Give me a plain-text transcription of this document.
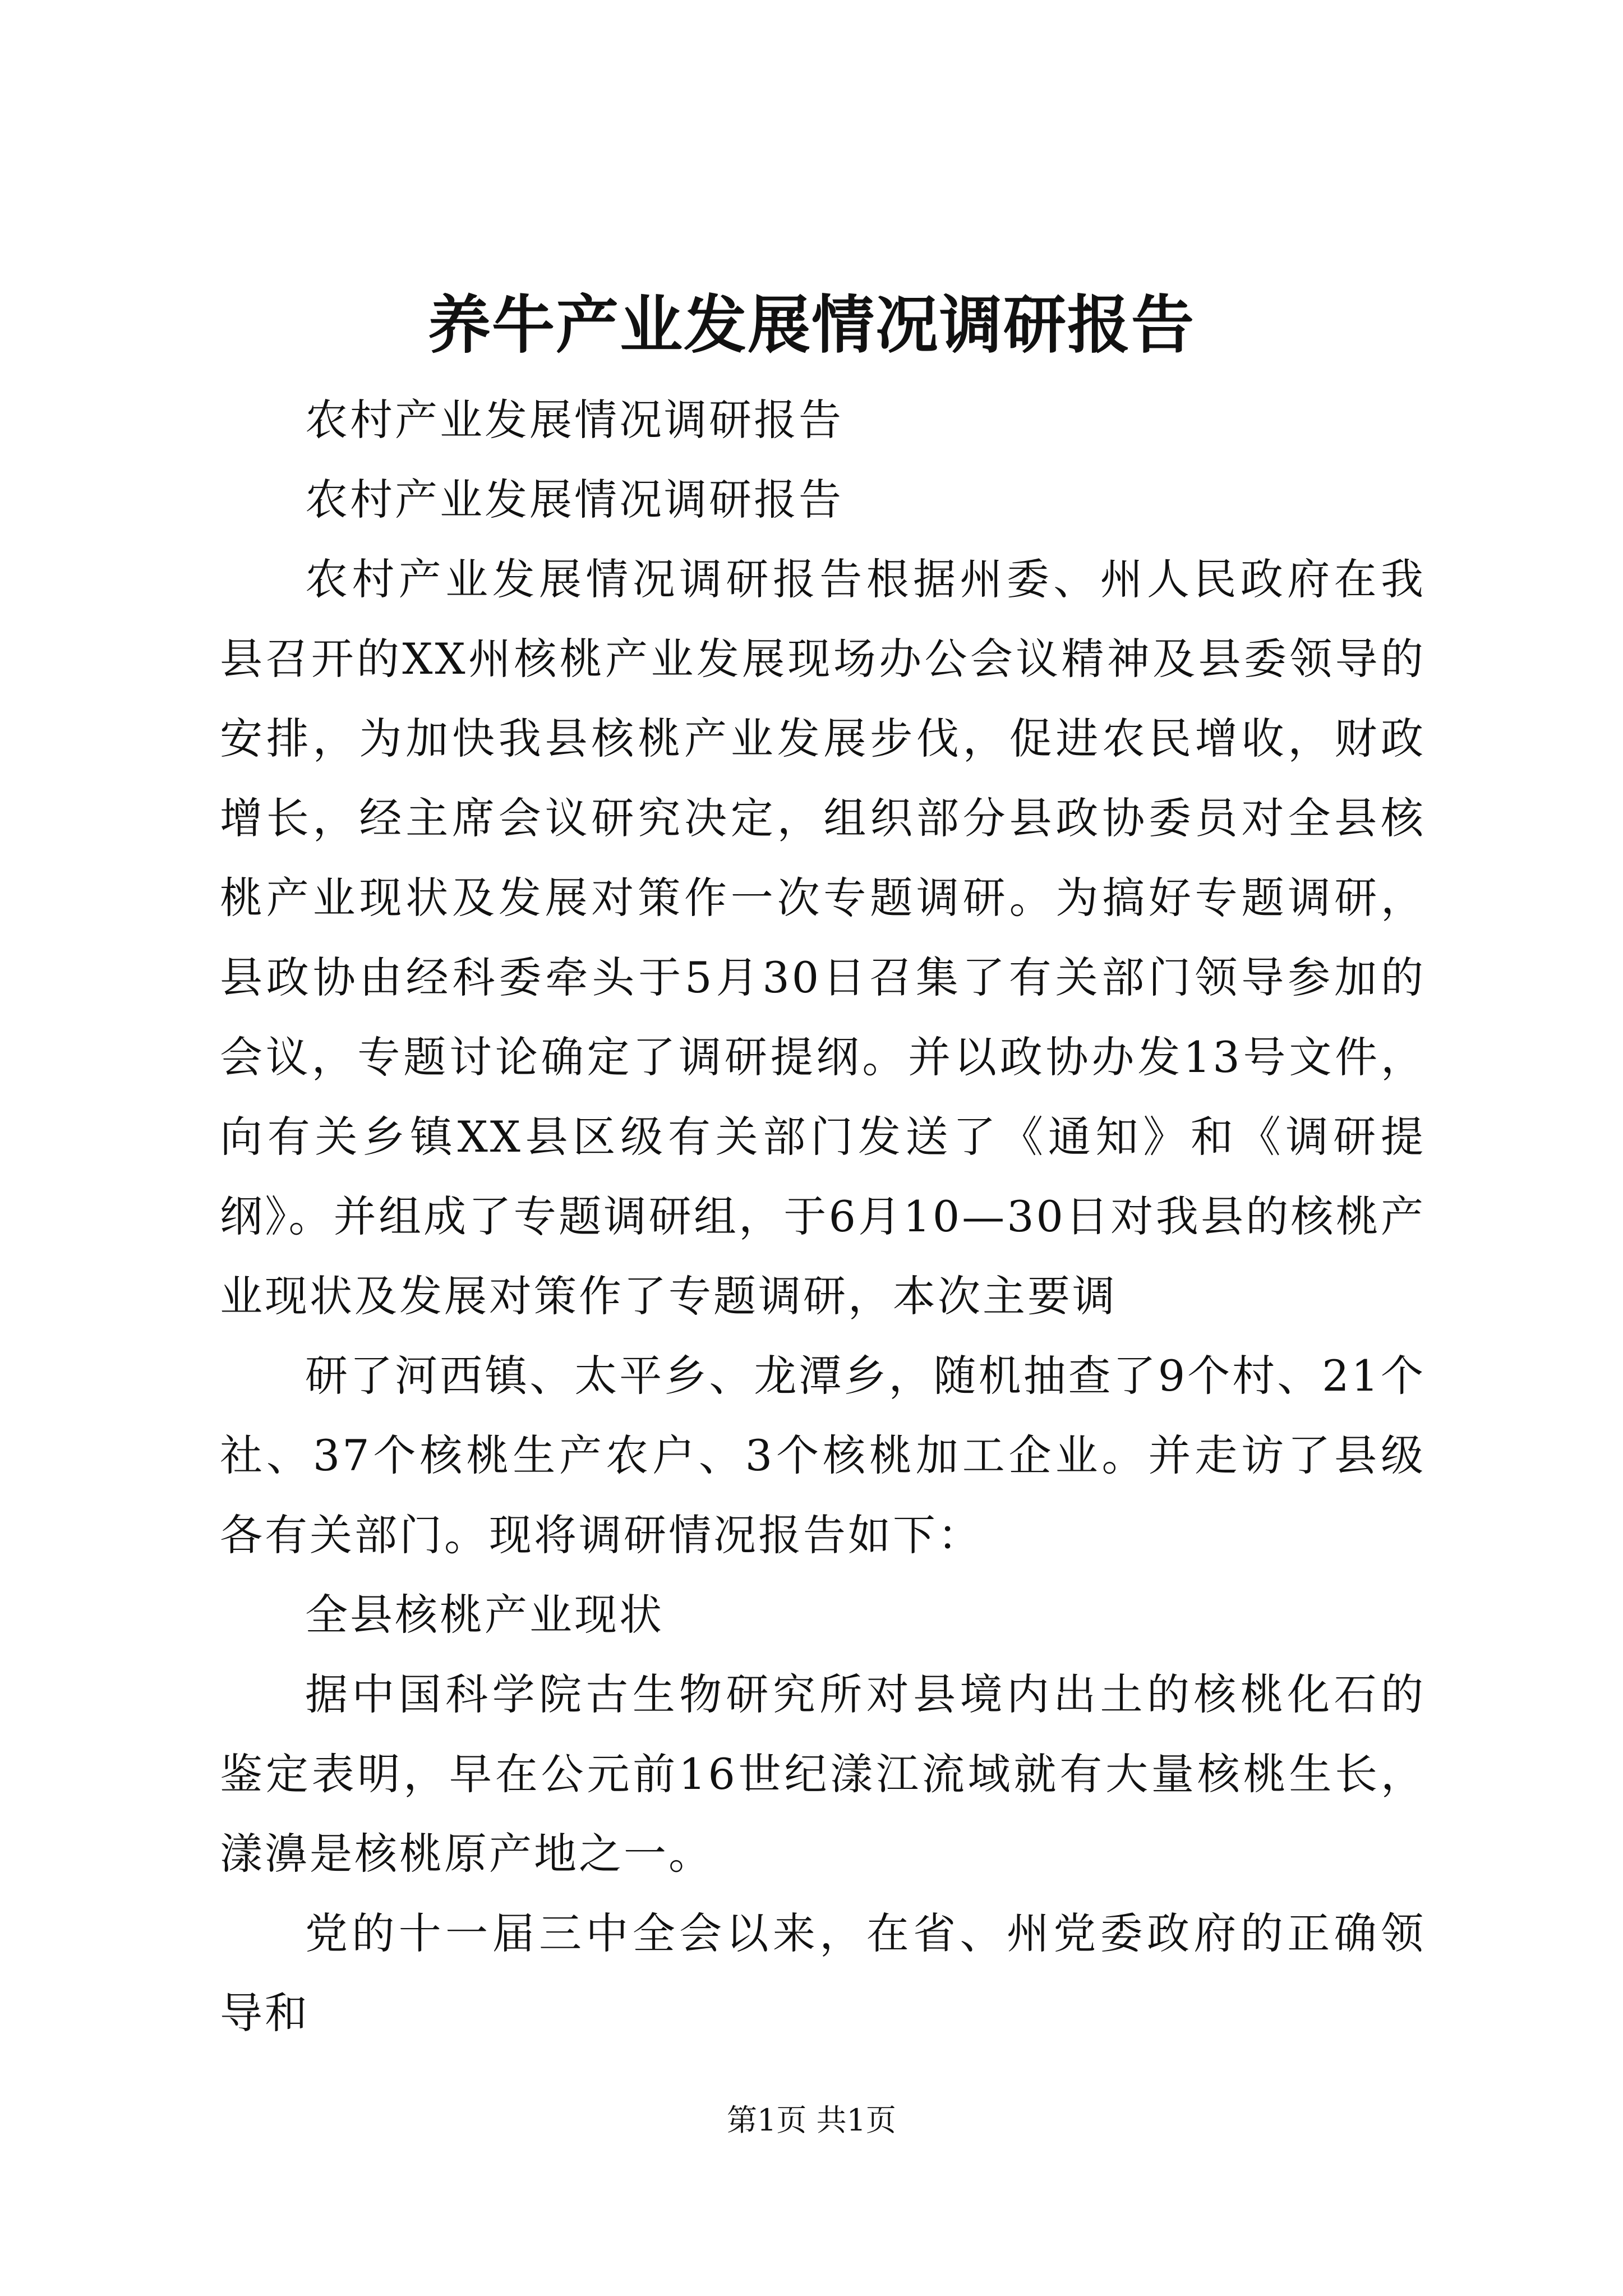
养牛产业发展情况调研报告

农村产业发展情况调研报告

农村产业发展情况调研报告

农村产业发展情况调研报告根据州委、州人民政府在我县召开的XX州核桃产业发展现场办公会议精神及县委领导的安排，为加快我县核桃产业发展步伐，促进农民增收，财政增长，经主席会议研究决定，组织部分县政协委员对全县核桃产业现状及发展对策作一次专题调研。为搞好专题调研，县政协由经科委牵头于5月30日召集了有关部门领导参加的会议，专题讨论确定了调研提纲。并以政协办发13号文件，向有关乡镇XX县区级有关部门发送了《通知》和《调研提纲》。并组成了专题调研组，于6月10—30日对我县的核桃产业现状及发展对策作了专题调研，本次主要调

研了河西镇、太平乡、龙潭乡，随机抽查了9个村、21个社、37个核桃生产农户、3个核桃加工企业。并走访了县级各有关部门。现将调研情况报告如下：

全县核桃产业现状

据中国科学院古生物研究所对县境内出土的核桃化石的鉴定表明，早在公元前16世纪漾江流域就有大量核桃生长，漾濞是核桃原产地之一。

党的十一届三中全会以来，在省、州党委政府的正确领导和

第1页 共1页
